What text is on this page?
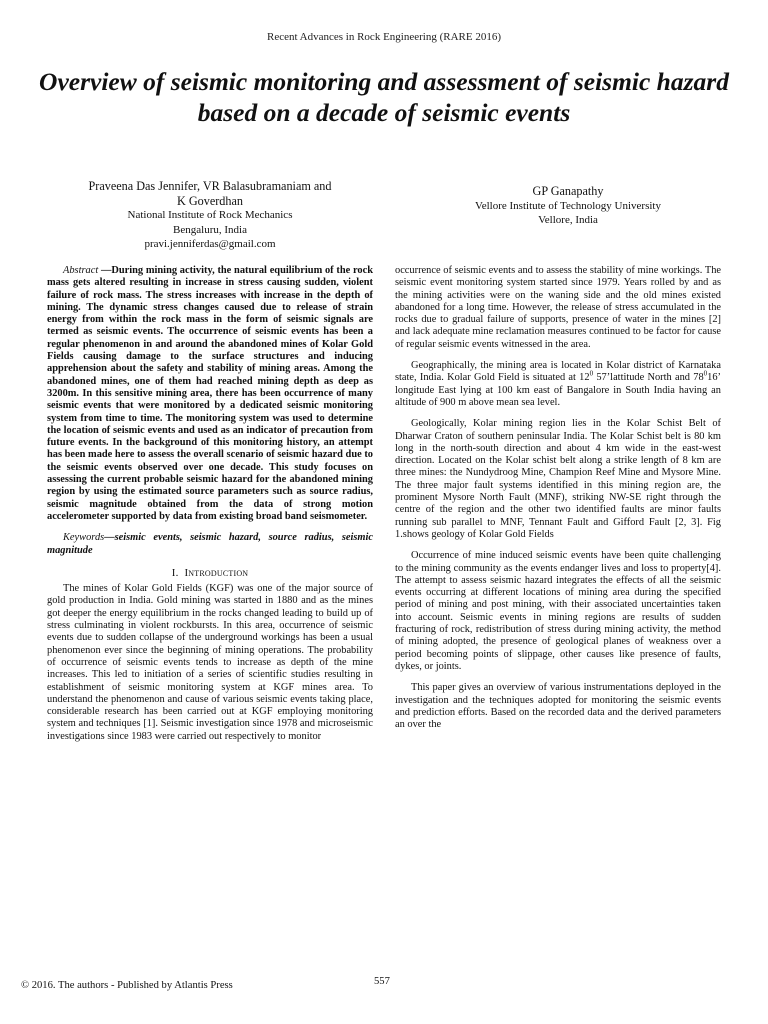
Recent Advances in Rock Engineering (RARE 2016)
Overview of seismic monitoring and assessment of seismic hazard based on a decade of seismic events
Praveena Das Jennifer, VR Balasubramaniam and
K Goverdhan
National Institute of Rock Mechanics
Bengaluru, India
pravi.jenniferdas@gmail.com
GP Ganapathy
Vellore Institute of Technology University
Vellore, India

Abstract —During mining activity, the natural equilibrium of the rock mass gets altered resulting in increase in stress causing sudden, violent failure of rock mass. The stress increases with increase in the depth of mining. The dynamic stress changes caused due to release of strain energy from within the rock mass in the form of seismic signals are termed as seismic events. The occurrence of seismic events has been a regular phenomenon in and around the abandoned mines of Kolar Gold Fields causing damage to the surface structures and inducing apprehension about the safety and stability of mining areas. Among the abandoned mines, one of them had reached mining depth as deep as 3200m. In this sensitive mining area, there has been occurrence of many seismic events that were monitored by a dedicated seismic monitoring system from time to time. The monitoring system was used to determine the location of seismic events and used as an indicator of precaution from future events. In the background of this monitoring history, an attempt has been made here to assess the overall scenario of seismic hazard due to the seismic events observed over one decade. This study focuses on assessing the current probable seismic hazard for the abandoned mining region by using the estimated source parameters such as source radius, seismic magnitude obtained from the data of strong motion accelerometer supported by data from existing broad band seismometer.

Keywords—seismic events, seismic hazard, source radius, seismic magnitude

I. Introduction

The mines of Kolar Gold Fields (KGF) was one of the major source of gold production in India. Gold mining was started in 1880 and as the mines got deeper the energy equilibrium in the rocks changed leading to build up of stress culminating in violent rockbursts. In this area, occurrence of seismic events due to sudden collapse of the underground workings has been a usual phenomenon ever since the beginning of mining operations. The probability of occurrence of seismic events tends to increase as depth of the mine increases. This led to initiation of a series of scientific studies resulting in establishment of seismic monitoring system at KGF mines area. To understand the phenomenon and cause of various seismic events taking place, considerable research has been carried out at KGF employing monitoring system and techniques [1]. Seismic investigation since 1978 and microseismic investigations since 1983 were carried out respectively to monitor

occurrence of seismic events and to assess the stability of mine workings. The seismic event monitoring system started since 1979. Years rolled by and as the mining activities were on the waning side and the old mines existed abandoned for a long time. However, the release of stress accumulated in the rocks due to gradual failure of supports, presence of water in the mines [2] and lack adequate mine reclamation measures continued to be factor for cause of regular seismic events witnessed in the area.

Geographically, the mining area is located in Kolar district of Karnataka state, India. Kolar Gold Field is situated at $12^0$ 57’lattitude North and $78^016$’ longitude East lying at 100 km east of Bangalore in South India having an altitude of 900 m above mean sea level.

Geologically, Kolar mining region lies in the Kolar Schist Belt of Dharwar Craton of southern peninsular India. The Kolar Schist belt is 80 km long in the north-south direction and about 4 km wide in the east-west direction. Located on the Kolar schist belt along a strike length of 8 km are three mines: the Nundydroog Mine, Champion Reef Mine and Mysore Mine. The three major fault systems identified in this mining region are, the prominent Mysore North Fault (MNF), striking NW-SE right through the centre of the region and the other two identified faults are minor faults running sub parallel to MNF, Tennant Fault and Gifford Fault [2, 3]. Fig 1.shows geology of Kolar Gold Fields

Occurrence of mine induced seismic events have been quite challenging to the mining community as the events endanger lives and loss to property[4]. The attempt to assess seismic hazard integrates the effects of all the seismic events occurring at different locations of mining area during the specified period of mining and post mining, with their associated uncertainties taken into account. Seismic events in mining regions are results of sudden fracturing of rock, redistribution of stress during mining activity, the method of mining adopted, the presence of geological planes of weakness over a period becoming points of slippage, other causes like presence of faults, dykes, or joints.

This paper gives an overview of various instrumentations deployed in the investigation and the techniques adopted for monitoring the seismic events and prediction efforts. Based on the recorded data and the derived parameters an over the

© 2016. The authors - Published by Atlantis Press	557
